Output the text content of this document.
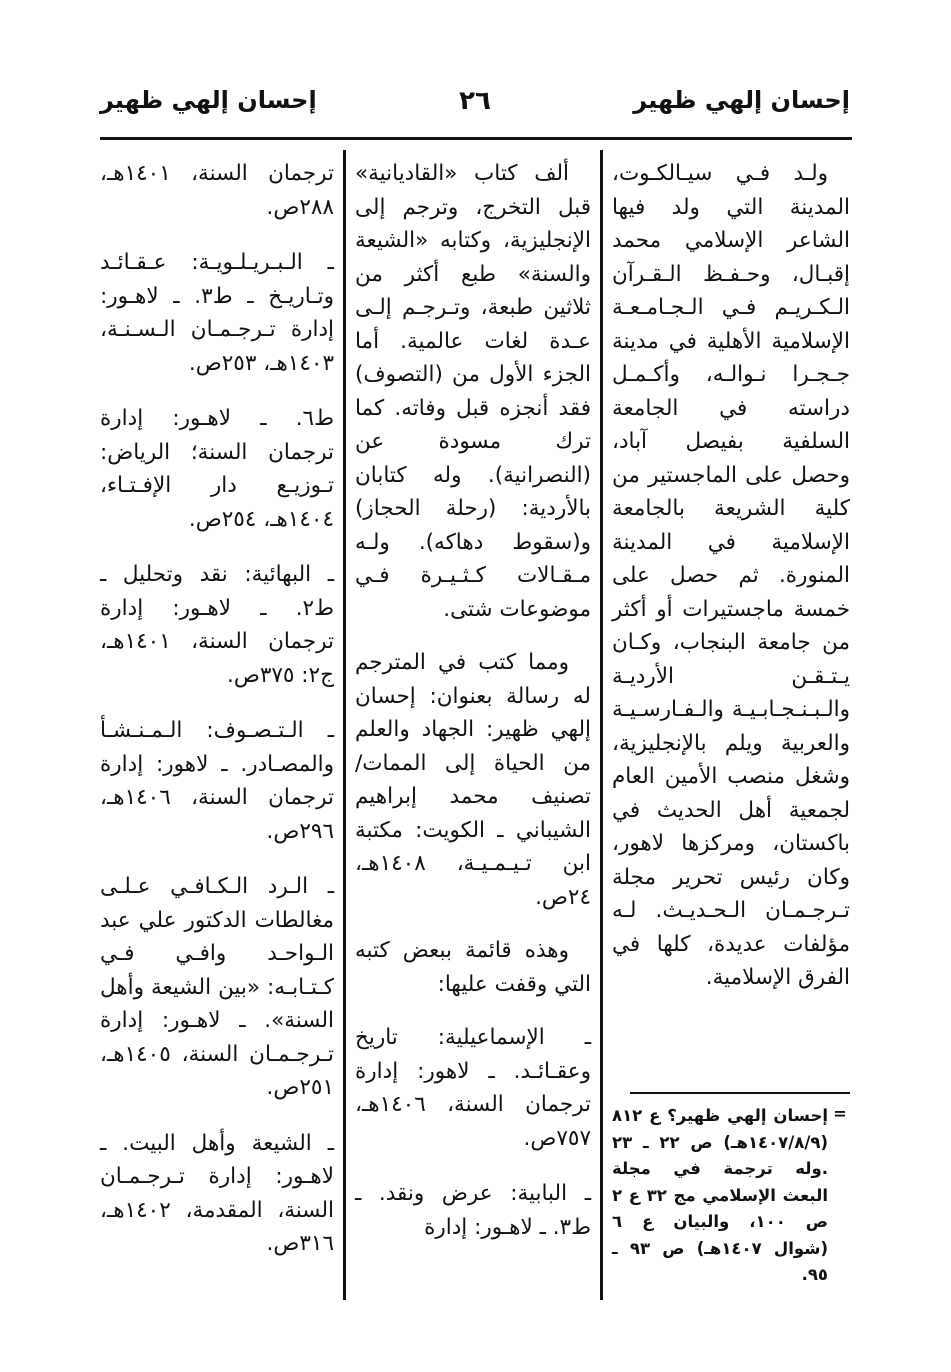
إحسان إلهي ظهير
٢٦
إحسان إلهي ظهير

ولـد فـي سيـالكـوت، المدينة التي ولد فيها الشاعر الإسلامي محمد إقبـال، وحـفـظ الـقـرآن الـكـريـم فـي الـجـامـعـة الإسلامية الأهلية في مدينة جـجـرا نـوالـه، وأكـمـل دراسته في الجامعة السلفية بفيصل آباد، وحصل على الماجستير من كلية الشريعة بالجامعة الإسلامية في المدينة المنورة. ثم حصل على خمسة ماجستيرات أو أكثر من جامعة البنجاب، وكـان يـتـقـن الأرديـة والـبـنـجـابـيـة والـفـارسـيـة والعربية ويلم بالإنجليزية، وشغل منصب الأمين العام لجمعية أهل الحديث في باكستان، ومركزها لاهور، وكان رئيس تحرير مجلة تـرجـمـان الـحـديـث. لـه مؤلفات عديدة، كلها في الفرق الإسلامية.

=
إحسان إلهي ظهير؟ ع ٨١٢ (١٤٠٧/٨/٩هـ) ص ٢٢ ـ ٢٣ .وله ترجمة في مجلة البعث الإسلامي مج ٣٢ ع ٢ ص ١٠٠، والبيان ع ٦ (شوال ١٤٠٧هـ) ص ٩٣ ـ ٩٥.

ألف كتاب «القاديانية» قبل التخرج، وترجم إلى الإنجليزية، وكتابه «الشيعة والسنة» طبع أكثر من ثلاثين طبعة، وتـرجـم إلـى عـدة لغات عالمية. أما الجزء الأول من (التصوف) فقد أنجزه قبل وفاته. كما ترك مسودة عن (النصرانية). وله كتابان بالأردية: (رحلة الحجاز) و(سقوط دهاكه). ولـه مـقـالات كـثـيـرة فـي موضوعات شتى.

ومما كتب في المترجم له رسالة بعنوان: إحسان إلهي ظهير: الجهاد والعلم من الحياة إلى الممات/ تصنيف محمد إبراهيم الشيباني ـ الكويت: مكتبة ابن تـيـمـيـة، ١٤٠٨هـ، ٢٤ص.

وهذه قائمة ببعض كتبه التي وقفت عليها:

ـ الإسماعيلية: تاريخ وعقـائـد. ـ لاهور: إدارة ترجمان السنة، ١٤٠٦هـ، ٧٥٧ص.

ـ البابية: عرض ونقد. ـ ط٣. ـ لاهـور: إدارة

ترجمان السنة، ١٤٠١هـ، ٢٨٨ص.

ـ الـبـريـلـويـة: عـقـائـد وتـاريـخ ـ ط٣. ـ لاهـور: إدارة تـرجـمـان الـسـنـة، ١٤٠٣هـ، ٢٥٣ص.

ط٦. ـ لاهـور: إدارة ترجمان السنة؛ الرياض: تـوزيـع دار الإفـتـاء، ١٤٠٤هـ، ٢٥٤ص.

ـ البهائية: نقد وتحليل ـ ط٢. ـ لاهـور: إدارة ترجمان السنة، ١٤٠١هـ، ج٢: ٣٧٥ص.

ـ الـتـصـوف: الـمـنـشـأ والمصـادر. ـ لاهور: إدارة ترجمان السنة، ١٤٠٦هـ، ٢٩٦ص.

ـ الـرد الـكـافـي عـلـى مغالطات الدكتور علي عبد الـواحـد وافـي فـي كـتـابـه: «بين الشيعة وأهل السنة». ـ لاهـور: إدارة تـرجـمـان السنة، ١٤٠٥هـ، ٢٥١ص.

ـ الشيعة وأهل البيت. ـ لاهـور: إدارة تـرجـمـان السنة، المقدمة، ١٤٠٢هـ، ٣١٦ص.
